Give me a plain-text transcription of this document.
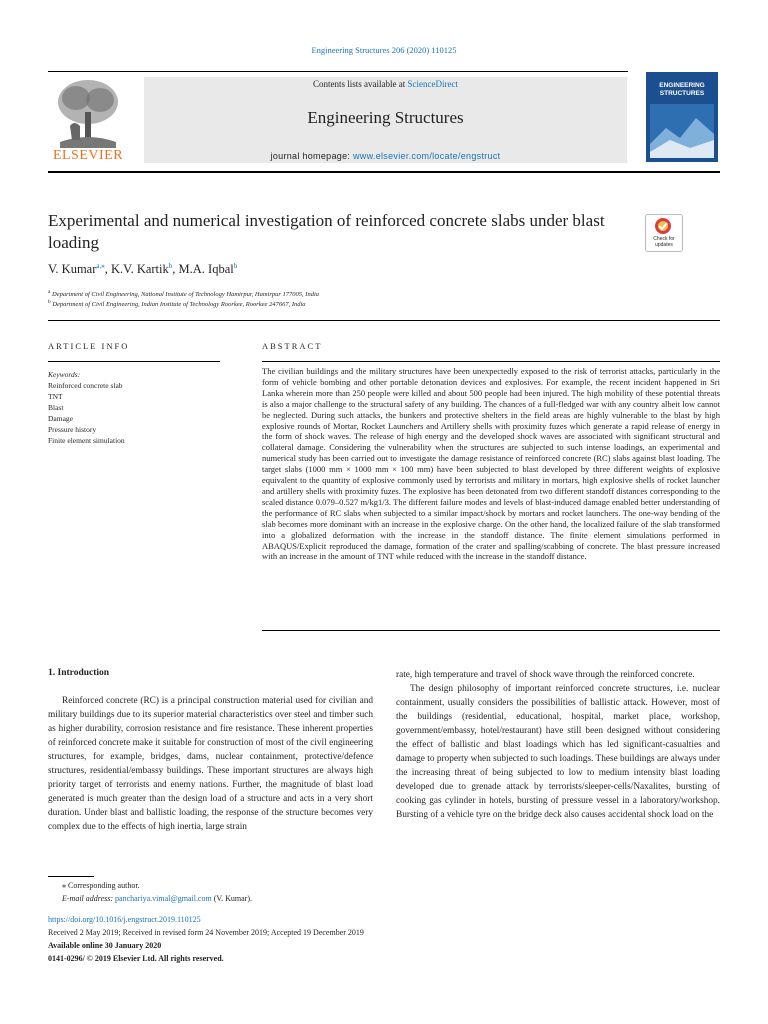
Engineering Structures 206 (2020) 110125
ELSEVIER
Contents lists available at ScienceDirect
Engineering Structures
journal homepage: www.elsevier.com/locate/engstruct
ENGINEERING
STRUCTURES
Experimental and numerical investigation of reinforced concrete slabs under blast loading	Check for updates
V. Kumar$^{a,⁎}$, K.V. Kartik$^b$, M.A. Iqbal$^b$
$^a$ Department of Civil Engineering, National Institute of Technology Hamirpur, Hamirpur 177005, India
$^b$ Department of Civil Engineering, Indian Institute of Technology Roorkee, Roorkee 247667, India
ARTICLE INFO
Keywords:
Reinforced concrete slab
TNT
Blast
Damage
Pressure history
Finite element simulation
ABSTRACT
The civilian buildings and the military structures have been unexpectedly exposed to the risk of terrorist attacks, particularly in the form of vehicle bombing and other portable detonation devices and explosives. For example, the recent incident happened in Sri Lanka wherein more than 250 people were killed and about 500 people had been injured. The high mobility of these potential threats is also a major challenge to the structural safety of any building. The chances of a full-fledged war with any country albeit low cannot be neglected. During such attacks, the bunkers and protective shelters in the field areas are highly vulnerable to the blast by high explosive rounds of Mortar, Rocket Launchers and Artillery shells with proximity fuzes which generate a rapid release of energy in the form of shock waves. The release of high energy and the developed shock waves are associated with significant structural and collateral damage. Considering the vulnerability when the structures are subjected to such intense loadings, an experimental and numerical study has been carried out to investigate the damage resistance of reinforced concrete (RC) slabs against blast loading. The target slabs (1000 mm × 1000 mm × 100 mm) have been subjected to blast developed by three different weights of explosive equivalent to the quantity of explosive commonly used by terrorists and military in mortars, high explosive shells of rocket launcher and artillery shells with proximity fuzes. The explosive has been detonated from two different standoff distances corresponding to the scaled distance 0.079–0.527 m/kg1/3. The different failure modes and levels of blast-induced damage enabled better understanding of the performance of RC slabs when subjected to a similar impact/shock by mortars and rocket launchers. The one-way bending of the slab becomes more dominant with an increase in the explosive charge. On the other hand, the localized failure of the slab transformed into a globalized deformation with the increase in the standoff distance. The finite element simulations performed in ABAQUS/Explicit reproduced the damage, formation of the crater and spalling/scabbing of concrete. The blast pressure increased with an increase in the amount of TNT while reduced with the increase in the standoff distance.
1. Introduction

Reinforced concrete (RC) is a principal construction material used for civilian and military buildings due to its superior material characteristics over steel and timber such as higher durability, corrosion resistance and fire resistance. These inherent properties of reinforced concrete make it suitable for construction of most of the civil engineering structures, for example, bridges, dams, nuclear containment, protective/defence structures, residential/embassy buildings. These important structures are always high priority target of terrorists and enemy nations. Further, the magnitude of blast load generated is much greater than the design load of a structure and acts in a very short duration. Under blast and ballistic loading, the response of the structure becomes very complex due to the effects of high inertia, large strain

rate, high temperature and travel of shock wave through the reinforced concrete.

The design philosophy of important reinforced concrete structures, i.e. nuclear containment, usually considers the possibilities of ballistic attack. However, most of the buildings (residential, educational, hospital, market place, workshop, government/embassy, hotel/restaurant) have still been designed without considering the effect of ballistic and blast loadings which has led significant-casualties and damage to property when subjected to such loadings. These buildings are always under the increasing threat of being subjected to low to medium intensity blast loading developed due to grenade attack by terrorists/sleeper-cells/Naxalites, bursting of cooking gas cylinder in hotels, bursting of pressure vessel in a laboratory/workshop. Bursting of a vehicle tyre on the bridge deck also causes accidental shock load on the

⁎ Corresponding author.
E-mail address: panchariya.vimal@gmail.com (V. Kumar).
https://doi.org/10.1016/j.engstruct.2019.110125
Received 2 May 2019; Received in revised form 24 November 2019; Accepted 19 December 2019
Available online 30 January 2020
0141-0296/ © 2019 Elsevier Ltd. All rights reserved.
